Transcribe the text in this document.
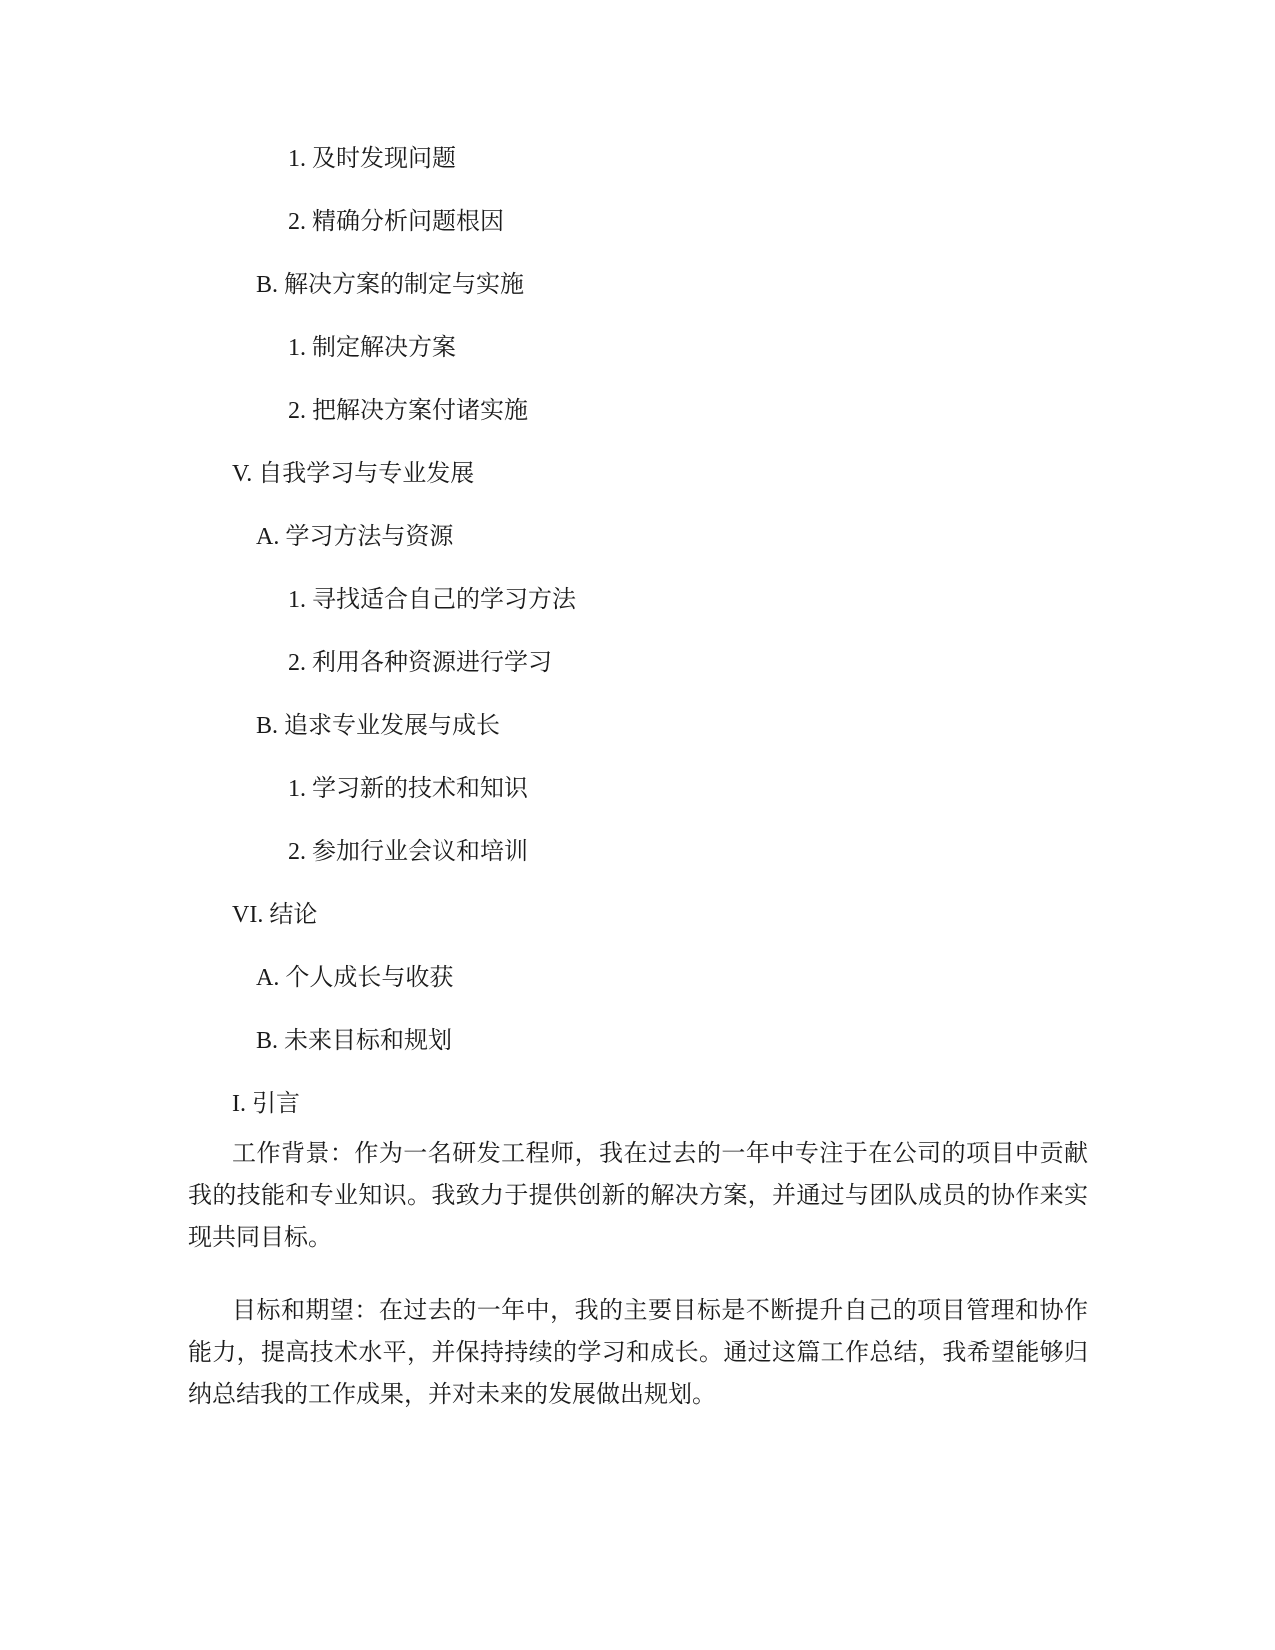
1. 及时发现问题
2. 精确分析问题根因
B. 解决方案的制定与实施
1. 制定解决方案
2. 把解决方案付诸实施
V. 自我学习与专业发展
A. 学习方法与资源
1. 寻找适合自己的学习方法
2. 利用各种资源进行学习
B. 追求专业发展与成长
1. 学习新的技术和知识
2. 参加行业会议和培训
VI. 结论
A. 个人成长与收获
B. 未来目标和规划
I. 引言

工作背景：作为一名研发工程师，我在过去的一年中专注于在公司的项目中贡献我的技能和专业知识。我致力于提供创新的解决方案，并通过与团队成员的协作来实现共同目标。

目标和期望：在过去的一年中，我的主要目标是不断提升自己的项目管理和协作能力，提高技术水平，并保持持续的学习和成长。通过这篇工作总结，我希望能够归纳总结我的工作成果，并对未来的发展做出规划。
